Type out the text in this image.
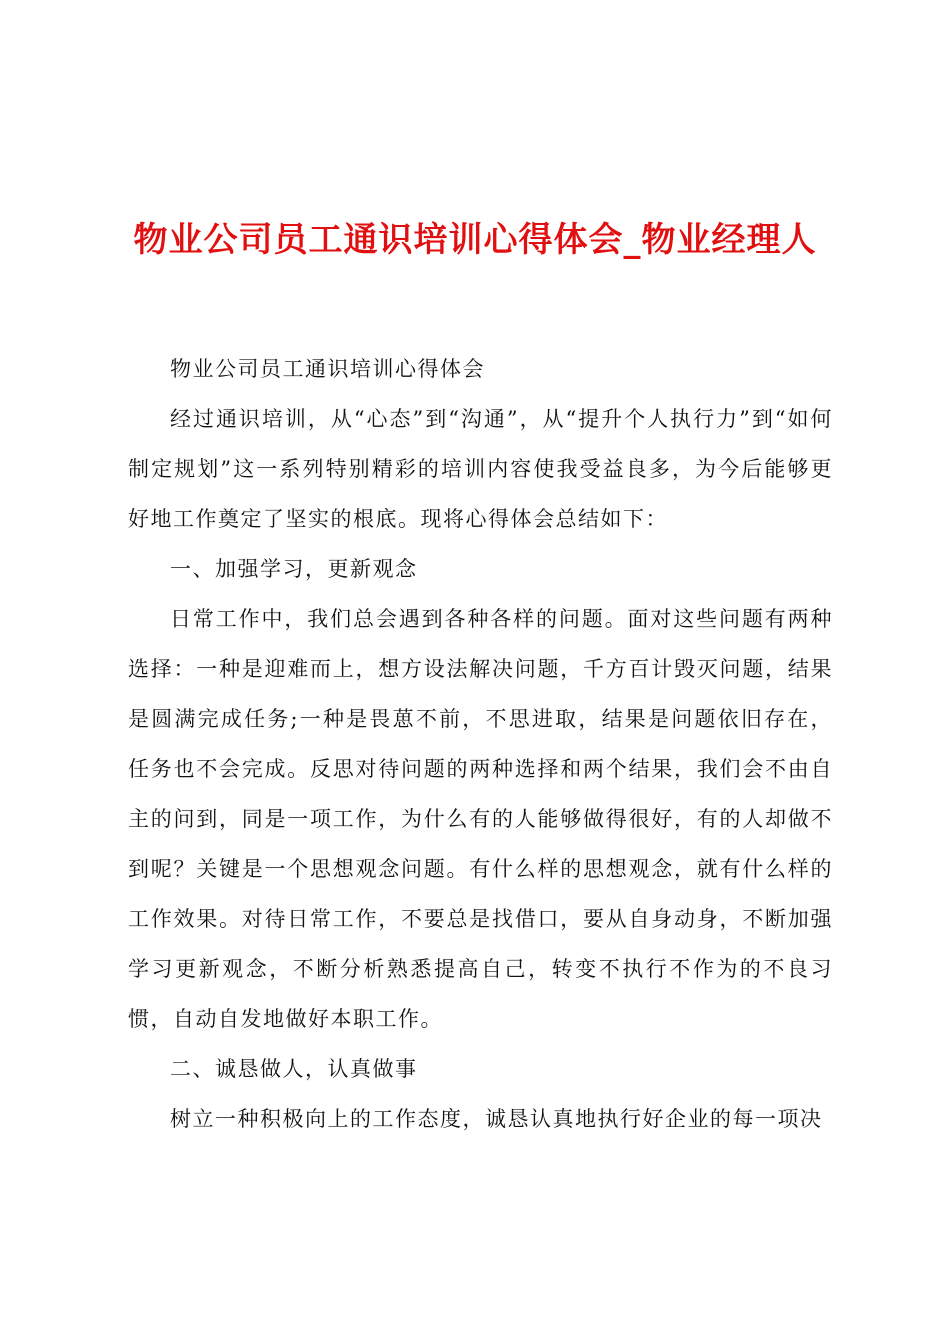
物业公司员工通识培训心得体会_物业经理人

物业公司员工通识培训心得体会

经过通识培训，从“心态”到“沟通”，从“提升个人执行力”到“如何制定规划”这一系列特别精彩的培训内容使我受益良多，为今后能够更好地工作奠定了坚实的根底。现将心得体会总结如下：

一、加强学习，更新观念

日常工作中，我们总会遇到各种各样的问题。面对这些问题有两种选择：一种是迎难而上，想方设法解决问题，千方百计毁灭问题，结果是圆满完成任务;一种是畏葸不前，不思进取，结果是问题依旧存在，任务也不会完成。反思对待问题的两种选择和两个结果，我们会不由自主的问到，同是一项工作，为什么有的人能够做得很好，有的人却做不到呢？关键是一个思想观念问题。有什么样的思想观念，就有什么样的工作效果。对待日常工作，不要总是找借口，要从自身动身，不断加强学习更新观念，不断分析熟悉提高自己，转变不执行不作为的不良习惯，自动自发地做好本职工作。

二、诚恳做人，认真做事

树立一种积极向上的工作态度，诚恳认真地执行好企业的每一项决
